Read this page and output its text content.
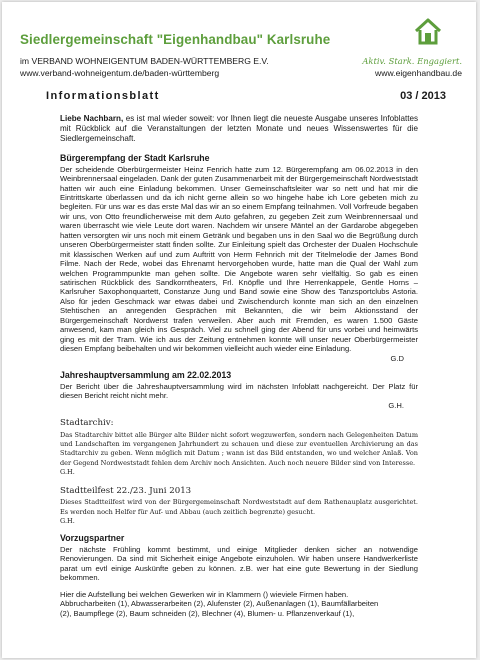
Siedlergemeinschaft "Eigenhandbau" Karlsruhe
im VERBAND WOHNEIGENTUM BADEN-WÜRTTEMBERG E.V.
www.verband-wohneigentum.de/baden-württemberg
Aktiv. Stark. Engagiert.
www.eigenhandbau.de
Informationsblatt	03 / 2013

Liebe Nachbarn, es ist mal wieder soweit: vor Ihnen liegt die neueste Ausgabe unseres Infoblattes mit Rückblick auf die Veranstaltungen der letzten Monate und neues Wissenswertes für die Siedlergemeinschaft.

Bürgerempfang der Stadt Karlsruhe

Der scheidende Oberbürgermeister Heinz Fenrich hatte zum 12. Bürgerempfang am 06.02.2013 in den Weinbrennersaal eingeladen. Dank der guten Zusammenarbeit mit der Bürgergemeinschaft Nordweststadt hatten wir auch eine Einladung bekommen. Unser Gemeinschaftsleiter war so nett und hat mir die Eintrittskarte überlassen und da ich nicht gerne allein so wo hingehe habe ich Lore gebeten mich zu begleiten. Für uns war es das erste Mal das wir an so einem Empfang teilnahmen. Voll Vorfreude begaben wir uns, von Otto freundlicherweise mit dem Auto gefahren, zu gegeben Zeit zum Weinbrennersaal und waren überrascht wie viele Leute dort waren. Nachdem wir unsere Mäntel an der Gardarobe abgegeben hatten versorgten wir uns noch mit einem Getränk und begaben uns in den Saal wo die Begrüßung durch unseren Oberbürgermeister statt finden sollte. Zur Einleitung spielt das Orchester der Dualen Hochschule mit klassischen Werken auf und zum Auftritt von Herm Fehnrich mit der Titelmelodie der James Bond Filme. Nach der Rede, wobei das Ehrenamt hervorgehoben wurde, hatte man die Qual der Wahl zum welchen Programmpunkte man gehen sollte. Die Angebote waren sehr vielfältig. So gab es einen satirischen Rückblick des Sandkorntheaters, Frl. Knöpfle und Ihre Herrenkappele, Gentle Horns – Karlsruher Saxophonquartett, Constanze Jung und Band sowie eine Show des Tanzsportclubs Astoria. Also für jeden Geschmack war etwas dabei und Zwischendurch konnte man sich an den einzelnen Stehtischen an anregenden Gesprächen mit Bekannten, die wir beim Aktionsstand der Bürgergemeinschaft Nordwerst trafen verweilen. Aber auch mit Fremden, es waren 1.500 Gäste anwesend, kam man gleich ins Gespräch. Viel zu schnell ging der Abend für uns vorbei und heimwärts ging es mit der Tram. Wie ich aus der Zeitung entnehmen konnte will unser neuer Oberbürgermeister diesen Empfang beibehalten und wir bekommen vielleicht auch wieder eine Einladung.

G.D

Jahreshauptversammlung am 22.02.2013

Der Bericht über die Jahreshauptversammlung wird im nächsten Infoblatt nachgereicht. Der Platz für diesen Bericht reicht nicht mehr.

G.H.

Stadtarchiv:

Das Stadtarchiv bittet alle Bürger alte Bilder nicht sofort wegzuwerfen, sondern nach Gelegenheiten Datum und Landschaften im vergangenen Jahrhundert zu schauen und diese zur eventuellen Archivierung an das Stadtarchiv zu geben. Wenn möglich mit Datum ; wann ist das Bild entstanden, wo und welcher Anlaß. Von der Gegend Nordweststadt fehlen dem Archiv noch Ansichten. Auch noch neuere Bilder sind von Interesse.

G.H.

Stadtteilfest 22./23. Juni 2013

Dieses Stadtteilfest wird von der Bürgergemeinschaft Nordweststadt auf dem Rathenauplatz ausgerichtet. Es werden noch Helfer für Auf- und Abbau (auch zeitlich begrenzte) gesucht.

G.H.

Vorzugspartner

Der nächste Frühling kommt bestimmt, und einige Mitglieder denken sicher an notwendige Renovierungen. Da sind mit Sicherheit einige Angebote einzuholen. Wir haben unsere Handwerkerliste parat um evtl einige Auskünfte geben zu können. z.B. wer hat eine gute Bewertung in der Siedlung bekommen.

Hier die Aufstellung bei welchen Gewerken wir in Klammern () wieviele Firmen haben.

Abbrucharbeiten (1), Abwasserarbeiten (2), Alufenster (2), Außenanlagen (1), Baumfällarbeiten

(2), Baumpflege (2), Baum schneiden (2), Blechner (4), Blumen- u. Pflanzenverkauf (1),
